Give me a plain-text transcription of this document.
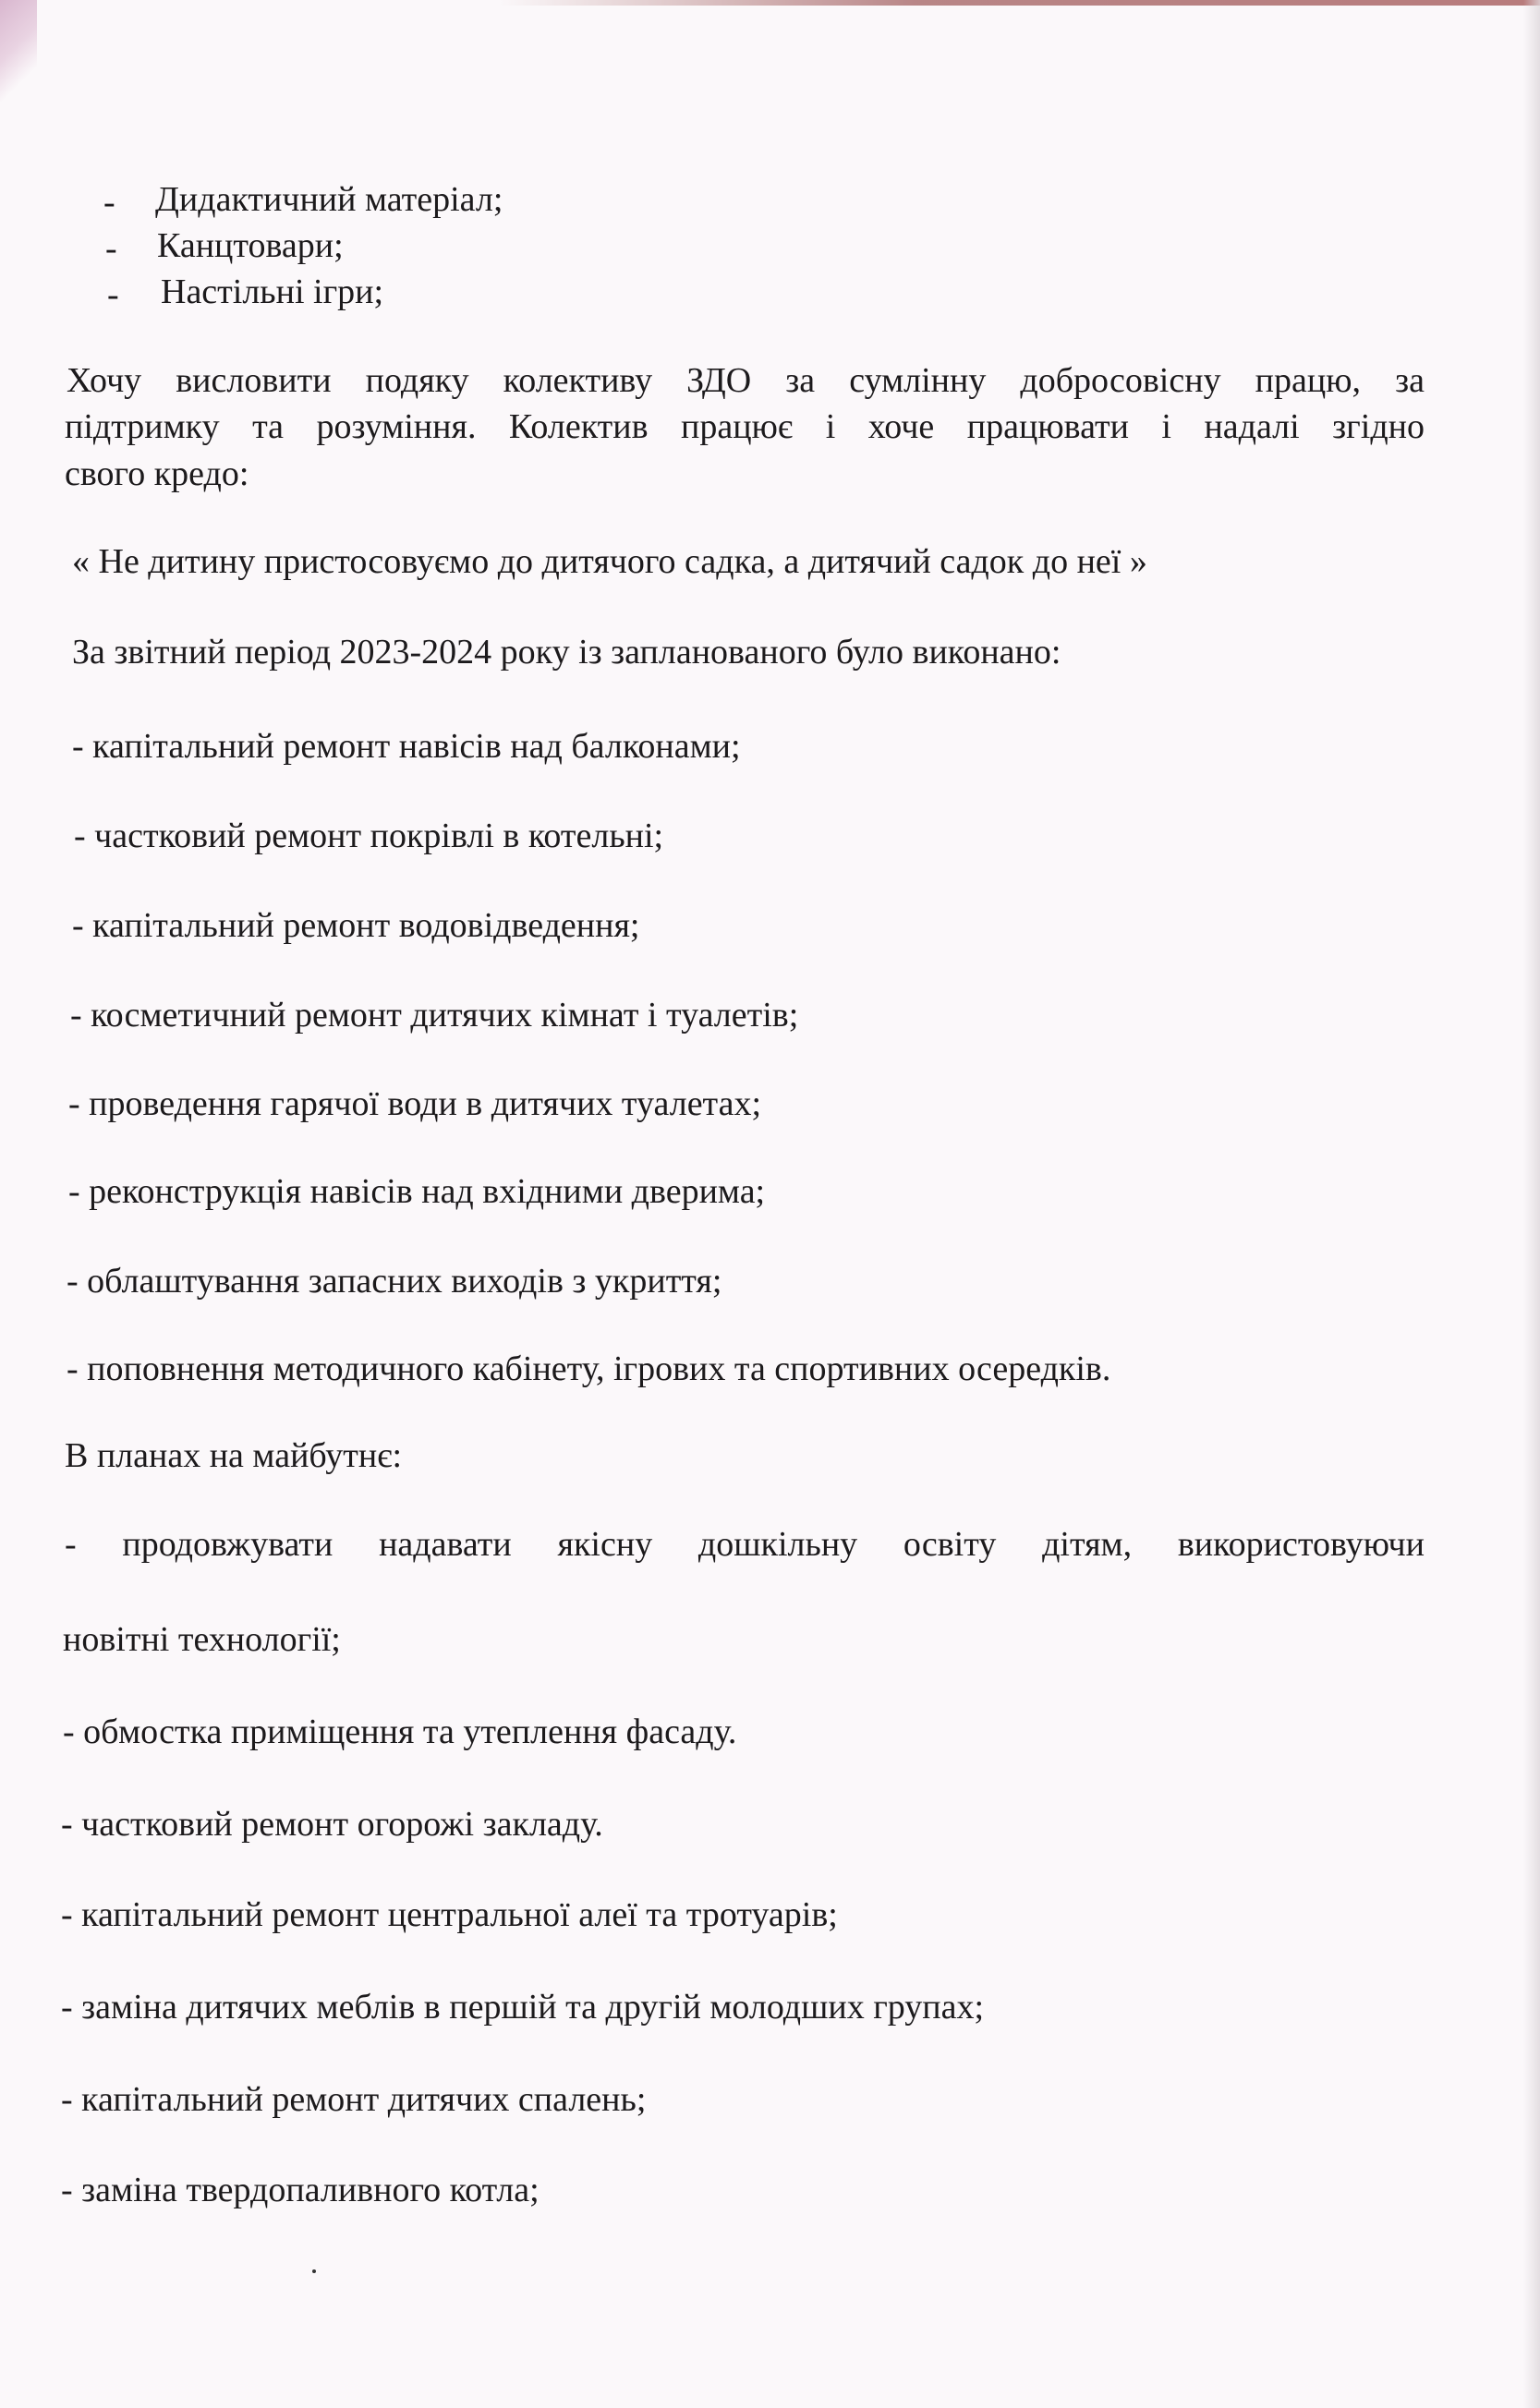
- Дидактичний матеріал;
- Канцтовари;
- Настільні ігри;
Хочу висловити подяку колективу ЗДО за сумлінну добросовісну працю, за
підтримку та розуміння. Колектив працює і хоче працювати і надалі згідно
свого кредо:
« Не дитину пристосовуємо до дитячого садка, а дитячий садок до неї »
За звітний період 2023-2024 року із запланованого було виконано:
- капітальний ремонт навісів над балконами;
- частковий ремонт покрівлі в котельні;
- капітальний ремонт водовідведення;
- косметичний ремонт дитячих кімнат і туалетів;
- проведення гарячої води в дитячих туалетах;
- реконструкція навісів над вхідними дверима;
- облаштування запасних виходів з укриття;
- поповнення методичного кабінету, ігрових та спортивних осередків.
В планах на майбутнє:
- продовжувати надавати якісну дошкільну освіту дітям, використовуючи
новітні технології;
- обмостка приміщення та утеплення фасаду.
- частковий ремонт огорожі закладу.
- капітальний ремонт центральної алеї та тротуарів;
- заміна дитячих меблів в першій та другій молодших групах;
- капітальний ремонт дитячих спалень;
- заміна твердопаливного котла;
